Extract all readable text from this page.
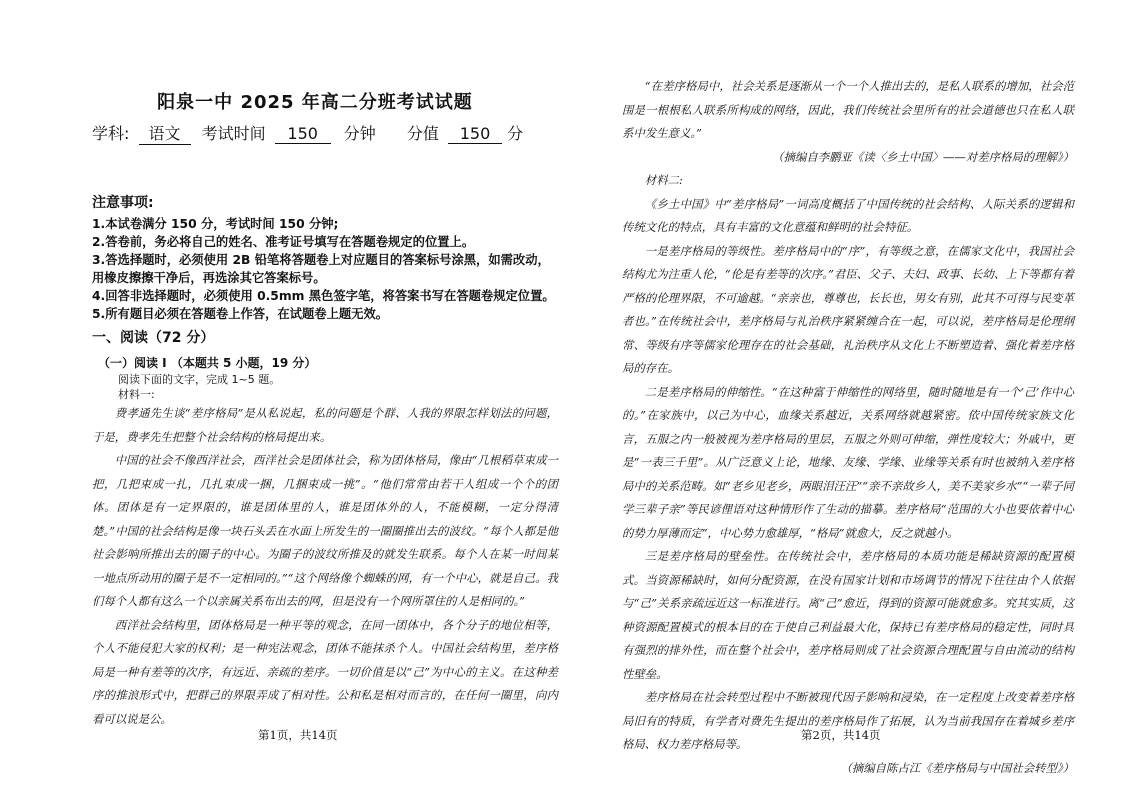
阳泉一中 2025 年高二分班考试试题
学科: 语文 考试时间 150 分钟 分值 150 分
注意事项:
1.本试卷满分 150 分，考试时间 150 分钟;
2.答卷前，务必将自己的姓名、准考证号填写在答题卷规定的位置上。
3.答选择题时，必须使用 2B 铅笔将答题卷上对应题目的答案标号涂黑，如需改动，
用橡皮擦擦干净后，再选涂其它答案标号。
4.回答非选择题时，必须使用 0.5mm 黑色签字笔，将答案书写在答题卷规定位置。
5.所有题目必须在答题卷上作答，在试题卷上题无效。
一、阅读（72 分）
（一）阅读 I （本题共 5 小题，19 分）
阅读下面的文字，完成 1~5 题。
材料一:

费孝通先生谈“差序格局”是从私说起，私的问题是个群、人我的界限怎样划法的问题，于是，费孝先生把整个社会结构的格局提出来。

中国的社会不像西洋社会，西洋社会是团体社会，称为团体格局，像由“几根稻草束成一把，几把束成一扎，几扎束成一捆，几捆束成一挑”。“他们常常由若干人组成一个个的团体。团体是有一定界限的，谁是团体里的人，谁是团体外的人，不能模糊，一定分得清楚。”中国的社会结构是像一块石头丢在水面上所发生的一圈圈推出去的波纹。“每个人都是他社会影响所推出去的圈子的中心。为圈子的波纹所推及的就发生联系。每个人在某一时间某一地点所动用的圈子是不一定相同的。”“这个网络像个蜘蛛的网，有一个中心，就是自己。我们每个人都有这么一个以亲属关系布出去的网，但是没有一个网所罩住的人是相同的。”

西洋社会结构里，团体格局是一种平等的观念，在同一团体中，各个分子的地位相等，个人不能侵犯大家的权利；是一种宪法观念，团体不能抹杀个人。中国社会结构里，差序格局是一种有差等的次序，有远近、亲疏的差序。一切价值是以“己”为中心的主义。在这种差序的推浪形式中，把群己的界限弄成了相对性。公和私是相对而言的，在任何一圈里，向内看可以说是公。

第1页，共14页

“在差序格局中，社会关系是逐渐从一个一个人推出去的，是私人联系的增加，社会范围是一根根私人联系所构成的网络，因此，我们传统社会里所有的社会道德也只在私人联系中发生意义。”

（摘编自李鹏亚《读〈乡土中国〉——对差序格局的理解》）

材料二:

《乡土中国》中“差序格局”一词高度概括了中国传统的社会结构、人际关系的逻辑和传统文化的特点，具有丰富的文化意蕴和鲜明的社会特征。

一是差序格局的等级性。差序格局中的“序”，有等级之意，在儒家文化中，我国社会结构尤为注重人伦，“伦是有差等的次序。”君臣、父子、夫妇、政事、长幼、上下等都有着严格的伦理界限，不可逾越。“亲亲也，尊尊也，长长也，男女有别，此其不可得与民变革者也。”在传统社会中，差序格局与礼治秩序紧紧缠合在一起，可以说，差序格局是伦理纲常、等级有序等儒家伦理存在的社会基础，礼治秩序从文化上不断塑造着、强化着差序格局的存在。

二是差序格局的伸缩性。“在这种富于伸缩性的网络里，随时随地是有一个‘己’作中心的。”在家族中，以己为中心，血缘关系越近，关系网络就越紧密。依中国传统家族文化言，五服之内一般被视为差序格局的里层，五服之外则可伸缩，弹性度较大；外戚中，更是“一表三千里”。从广泛意义上论，地缘、友缘、学缘、业缘等关系有时也被纳入差序格局中的关系范畴。如“老乡见老乡，两眼泪汪汪”“亲不亲故乡人，美不美家乡水”“一辈子同学三辈子亲”等民谚俚语对这种情形作了生动的描摹。差序格局“范围的大小也要依着中心的势力厚薄而定”，中心势力愈雄厚，“格局”就愈大，反之就越小。

三是差序格局的壁垒性。在传统社会中，差序格局的本质功能是稀缺资源的配置模式。当资源稀缺时，如何分配资源，在没有国家计划和市场调节的情况下往往由个人依据与“己”关系亲疏远近这一标准进行。离“己”愈近，得到的资源可能就愈多。究其实质，这种资源配置模式的根本目的在于使自己利益最大化，保持已有差序格局的稳定性，同时具有强烈的排外性，而在整个社会中，差序格局则成了社会资源合理配置与自由流动的结构性壁垒。

差序格局在社会转型过程中不断被现代因子影响和浸染，在一定程度上改变着差序格局旧有的特质，有学者对费先生提出的差序格局作了拓展，认为当前我国存在着城乡差序格局、权力差序格局等。

（摘编自陈占江《差序格局与中国社会转型》）

第2页，共14页
